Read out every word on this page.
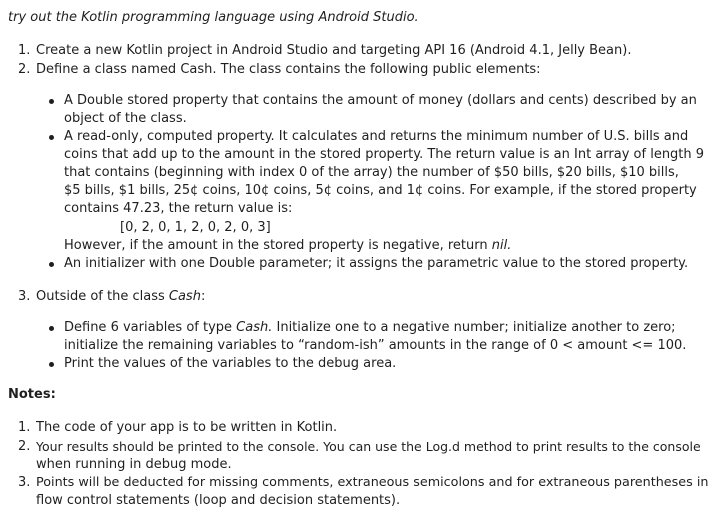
try out the Kotlin programming language using Android Studio.
1. Create a new Kotlin project in Android Studio and targeting API 16 (Android 4.1, Jelly Bean).
2. Define a class named Cash. The class contains the following public elements:
A Double stored property that contains the amount of money (dollars and cents) described by an
object of the class.
A read-only, computed property. It calculates and returns the minimum number of U.S. bills and
coins that add up to the amount in the stored property. The return value is an Int array of length 9
that contains (beginning with index 0 of the array) the number of $50 bills, $20 bills, $10 bills,
$5 bills, $1 bills, 25¢ coins, 10¢ coins, 5¢ coins, and 1¢ coins. For example, if the stored property
contains 47.23, the return value is:
[0, 2, 0, 1, 2, 0, 2, 0, 3]
However, if the amount in the stored property is negative, return nil.
An initializer with one Double parameter; it assigns the parametric value to the stored property.
3. Outside of the class Cash:
Define 6 variables of type Cash. Initialize one to a negative number; initialize another to zero;
initialize the remaining variables to “random-ish” amounts in the range of 0 < amount <= 100.
Print the values of the variables to the debug area.
Notes:
1. The code of your app is to be written in Kotlin.
2. Your results should be printed to the console. You can use the Log.d method to print results to the console
when running in debug mode.
3. Points will be deducted for missing comments, extraneous semicolons and for extraneous parentheses in
flow control statements (loop and decision statements).
